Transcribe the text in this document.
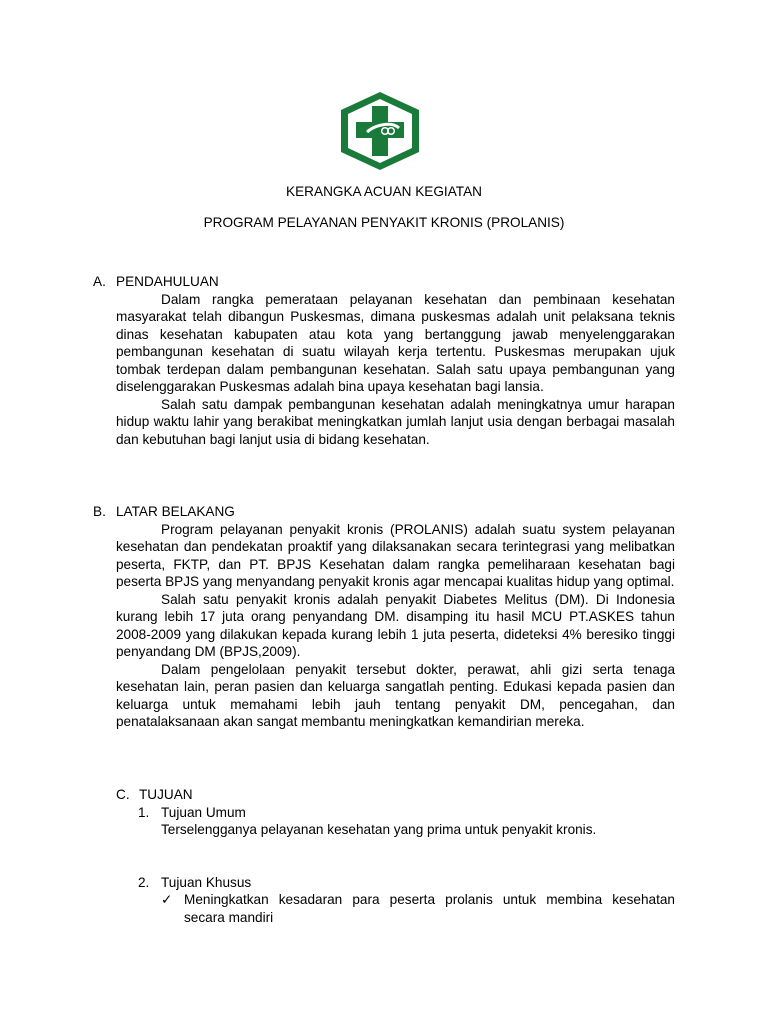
KERANGKA ACUAN KEGIATAN

PROGRAM PELAYANAN PENYAKIT KRONIS (PROLANIS)

A. PENDAHULUAN

Dalam rangka pemerataan pelayanan kesehatan dan pembinaan kesehatan masyarakat telah dibangun Puskesmas, dimana puskesmas adalah unit pelaksana teknis dinas kesehatan kabupaten atau kota yang bertanggung jawab menyelenggarakan pembangunan kesehatan di suatu wilayah kerja tertentu. Puskesmas merupakan ujuk tombak terdepan dalam pembangunan kesehatan. Salah satu upaya pembangunan yang diselenggarakan Puskesmas adalah bina upaya kesehatan bagi lansia.

Salah satu dampak pembangunan kesehatan adalah meningkatnya umur harapan hidup waktu lahir yang berakibat meningkatkan jumlah lanjut usia dengan berbagai masalah dan kebutuhan bagi lanjut usia di bidang kesehatan.

B. LATAR BELAKANG

Program pelayanan penyakit kronis (PROLANIS) adalah suatu system pelayanan kesehatan dan pendekatan proaktif yang dilaksanakan secara terintegrasi yang melibatkan peserta, FKTP, dan PT. BPJS Kesehatan dalam rangka pemeliharaan kesehatan bagi peserta BPJS yang menyandang penyakit kronis agar mencapai kualitas hidup yang optimal.

Salah satu penyakit kronis adalah penyakit Diabetes Melitus (DM). Di Indonesia kurang lebih 17 juta orang penyandang DM. disamping itu hasil MCU PT.ASKES tahun 2008-2009 yang dilakukan kepada kurang lebih 1 juta peserta, dideteksi 4% beresiko tinggi penyandang DM (BPJS,2009).

Dalam pengelolaan penyakit tersebut dokter, perawat, ahli gizi serta tenaga kesehatan lain, peran pasien dan keluarga sangatlah penting. Edukasi kepada pasien dan keluarga untuk memahami lebih jauh tentang penyakit DM, pencegahan, dan penatalaksanaan akan sangat membantu meningkatkan kemandirian mereka.

C. TUJUAN
1. Tujuan Umum
Terselengganya pelayanan kesehatan yang prima untuk penyakit kronis.
2. Tujuan Khusus
✓ Meningkatkan kesadaran para peserta prolanis untuk membina kesehatan secara mandiri
